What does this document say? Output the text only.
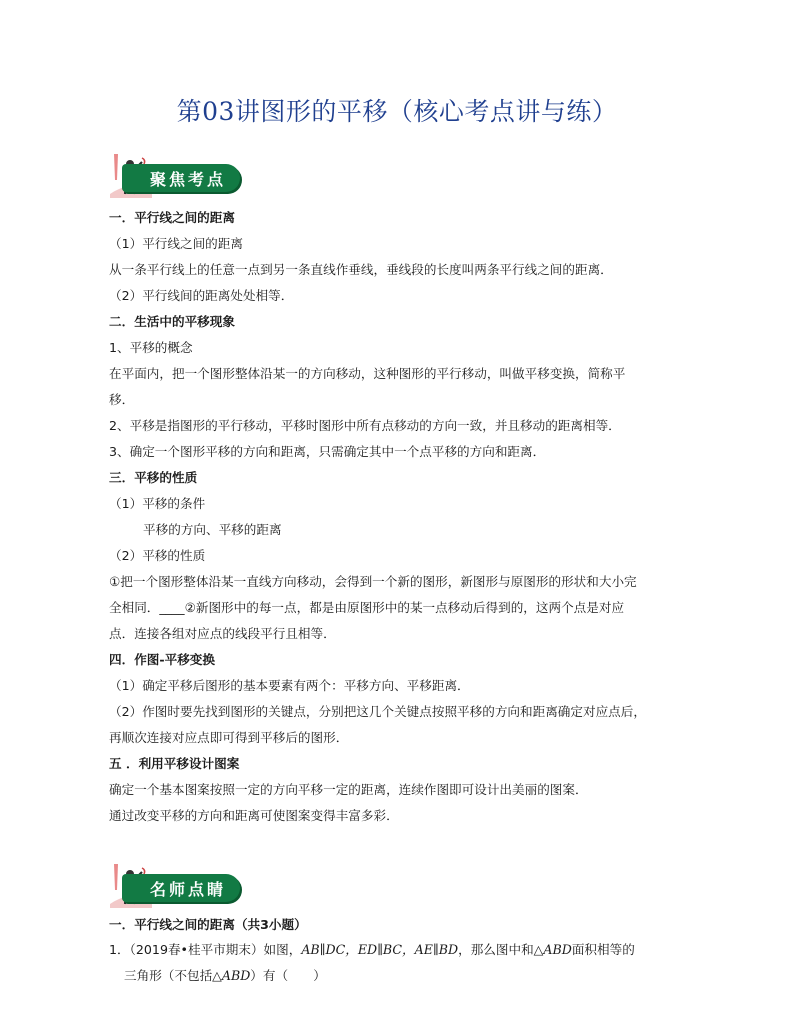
第03讲图形的平移（核心考点讲与练）
聚焦考点
一．平行线之间的距离
（1）平行线之间的距离
从一条平行线上的任意一点到另一条直线作垂线，垂线段的长度叫两条平行线之间的距离．
（2）平行线间的距离处处相等．
二．生活中的平移现象
1、平移的概念
在平面内，把一个图形整体沿某一的方向移动，这种图形的平行移动，叫做平移变换，简称平
移．
2、平移是指图形的平行移动，平移时图形中所有点移动的方向一致，并且移动的距离相等．
3、确定一个图形平移的方向和距离，只需确定其中一个点平移的方向和距离．
三．平移的性质
（1）平移的条件
平移的方向、平移的距离
（2）平移的性质
①把一个图形整体沿某一直线方向移动，会得到一个新的图形，新图形与原图形的形状和大小完
全相同．____②新图形中的每一点，都是由原图形中的某一点移动后得到的，这两个点是对应
点．连接各组对应点的线段平行且相等．
四．作图-平移变换
（1）确定平移后图形的基本要素有两个：平移方向、平移距离．
（2）作图时要先找到图形的关键点，分别把这几个关键点按照平移的方向和距离确定对应点后，
再顺次连接对应点即可得到平移后的图形．
五 ．利用平移设计图案
确定一个基本图案按照一定的方向平移一定的距离，连续作图即可设计出美丽的图案．
通过改变平移的方向和距离可使图案变得丰富多彩．
名师点睛
一．平行线之间的距离（共3小题）
1．（2019春•桂平市期末）如图，AB∥DC，ED∥BC，AE∥BD，那么图中和△ABD面积相等的
三角形（不包括△ABD）有（　　）
